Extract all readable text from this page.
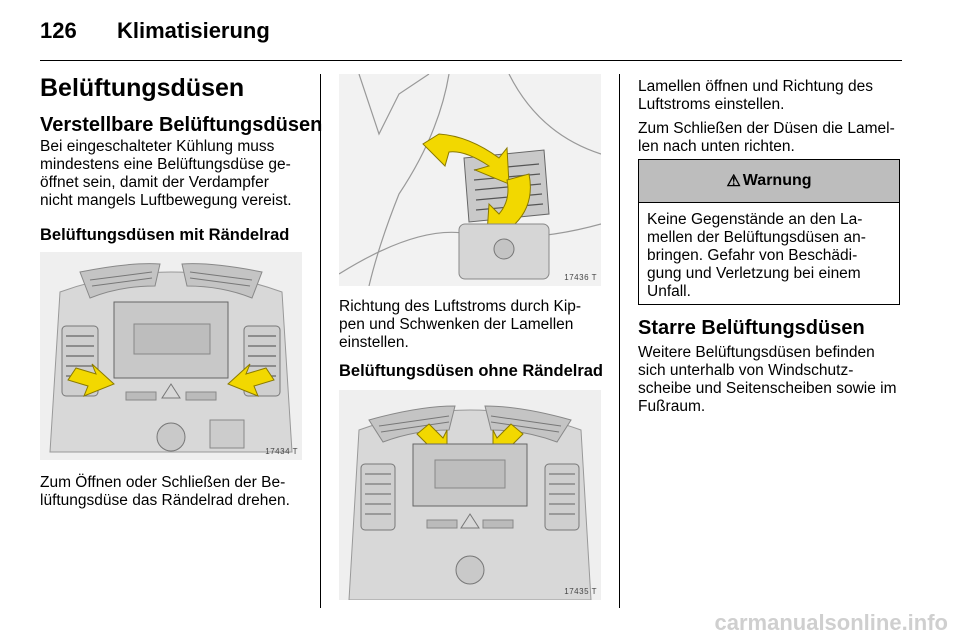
126 Klimatisierung
Belüftungsdüsen
Verstellbare Belüftungsdüsen
Bei eingeschalteter Kühlung muss
mindestens eine Belüftungsdüse ge-
öffnet sein, damit der Verdampfer
nicht mangels Luftbewegung vereist.
Belüftungsdüsen mit Rändelrad
17434 T
Zum Öffnen oder Schließen der Be-
lüftungsdüse das Rändelrad drehen.
17436 T
Richtung des Luftstroms durch Kip-
pen und Schwenken der Lamellen
einstellen.
Belüftungsdüsen ohne Rändelrad
17435 T
Lamellen öffnen und Richtung des
Luftstroms einstellen.
Zum Schließen der Düsen die Lamel-
len nach unten richten.
⚠ Warnung
Keine Gegenstände an den La-
mellen der Belüftungsdüsen an-
bringen. Gefahr von Beschädi-
gung und Verletzung bei einem
Unfall.
Starre Belüftungsdüsen
Weitere Belüftungsdüsen befinden
sich unterhalb von Windschutz-
scheibe und Seitenscheiben sowie im
Fußraum.
carmanualsonline.info
